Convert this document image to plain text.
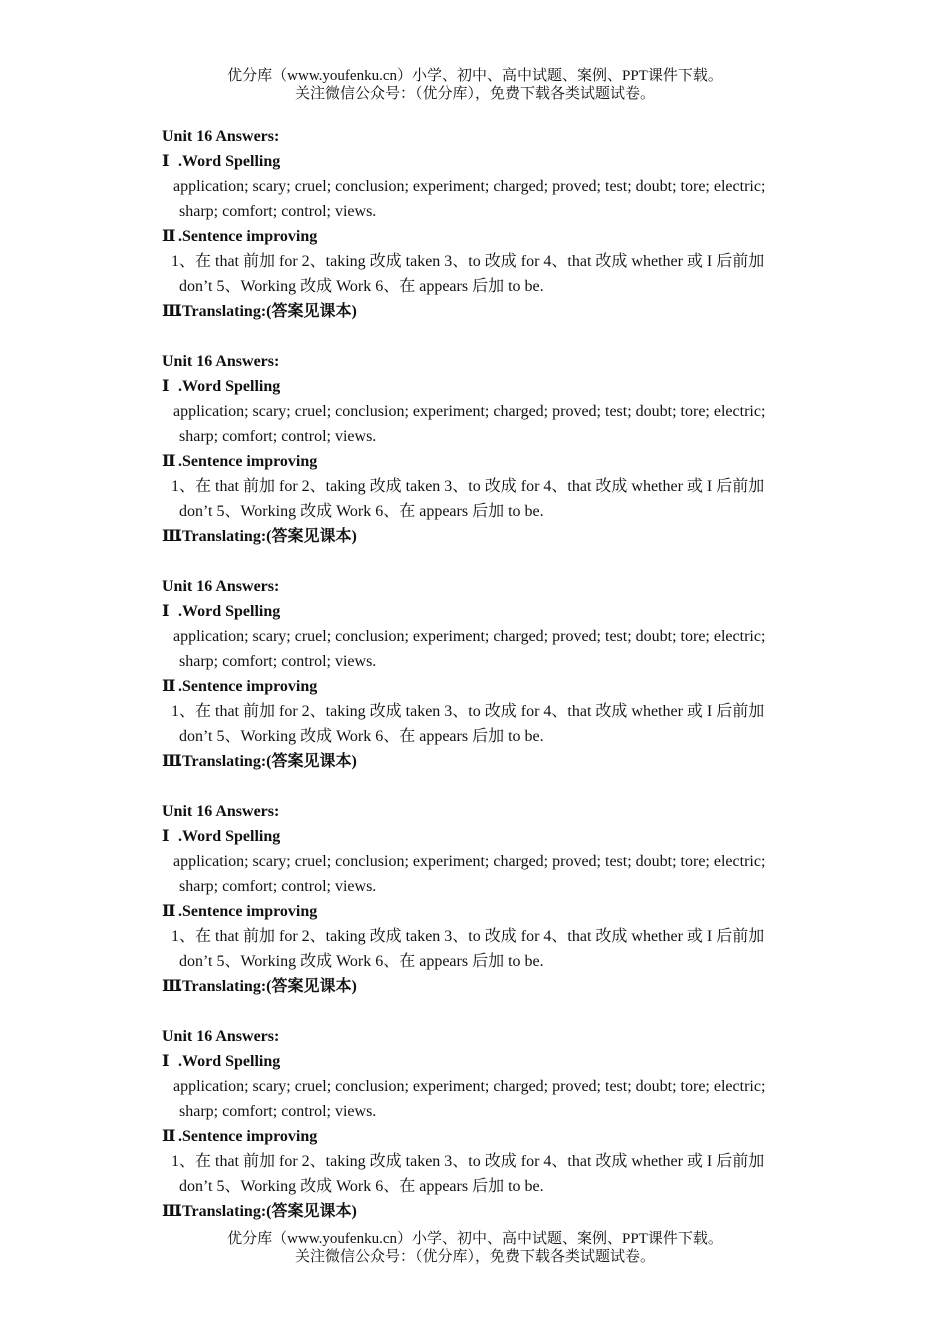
优分库（www.youfenku.cn）小学、初中、高中试题、案例、PPT课件下载。
关注微信公众号：（优分库），免费下载各类试题试卷。
Unit 16 Answers:
Ⅰ .Word Spelling
application; scary; cruel; conclusion; experiment; charged; proved; test; doubt; tore; electric;
sharp; comfort; control; views.
Ⅱ .Sentence improving
1、在 that 前加 for 2、taking 改成 taken 3、to 改成 for 4、that 改成 whether 或 I 后前加
don’t 5、Working 改成 Work 6、在 appears 后加 to be.
Ⅲ.Translating:(答案见课本)
Unit 16 Answers:
Ⅰ .Word Spelling
application; scary; cruel; conclusion; experiment; charged; proved; test; doubt; tore; electric;
sharp; comfort; control; views.
Ⅱ .Sentence improving
1、在 that 前加 for 2、taking 改成 taken 3、to 改成 for 4、that 改成 whether 或 I 后前加
don’t 5、Working 改成 Work 6、在 appears 后加 to be.
Ⅲ.Translating:(答案见课本)
Unit 16 Answers:
Ⅰ .Word Spelling
application; scary; cruel; conclusion; experiment; charged; proved; test; doubt; tore; electric;
sharp; comfort; control; views.
Ⅱ .Sentence improving
1、在 that 前加 for 2、taking 改成 taken 3、to 改成 for 4、that 改成 whether 或 I 后前加
don’t 5、Working 改成 Work 6、在 appears 后加 to be.
Ⅲ.Translating:(答案见课本)
Unit 16 Answers:
Ⅰ .Word Spelling
application; scary; cruel; conclusion; experiment; charged; proved; test; doubt; tore; electric;
sharp; comfort; control; views.
Ⅱ .Sentence improving
1、在 that 前加 for 2、taking 改成 taken 3、to 改成 for 4、that 改成 whether 或 I 后前加
don’t 5、Working 改成 Work 6、在 appears 后加 to be.
Ⅲ.Translating:(答案见课本)
Unit 16 Answers:
Ⅰ .Word Spelling
application; scary; cruel; conclusion; experiment; charged; proved; test; doubt; tore; electric;
sharp; comfort; control; views.
Ⅱ .Sentence improving
1、在 that 前加 for 2、taking 改成 taken 3、to 改成 for 4、that 改成 whether 或 I 后前加
don’t 5、Working 改成 Work 6、在 appears 后加 to be.
Ⅲ.Translating:(答案见课本)
优分库（www.youfenku.cn）小学、初中、高中试题、案例、PPT课件下载。
关注微信公众号：（优分库），免费下载各类试题试卷。
